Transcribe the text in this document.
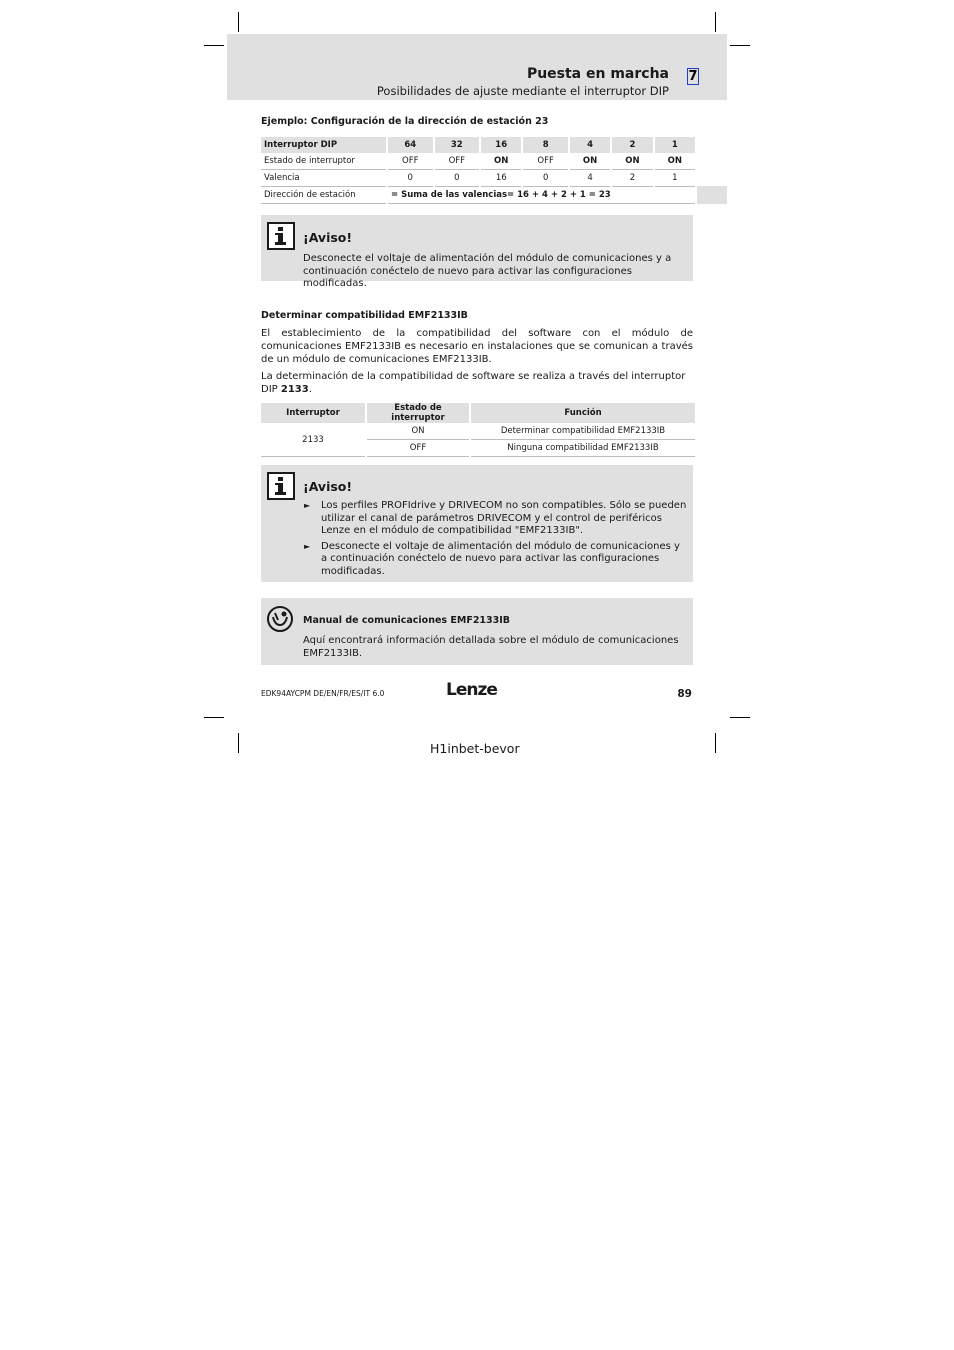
Puesta en marcha 7
Posibilidades de ajuste mediante el interruptor DIP
Ejemplo: Configuración de la dirección de estación 23
Interruptor DIP	64	32	16	8	4	2	1
Estado de interruptor	OFF	OFF	ON	OFF	ON	ON	ON
Valencia	0	0	16	0	4	2	1
Dirección de estación	= Suma de las valencias= 16 + 4 + 2 + 1 = 23						
¡Aviso!
Desconecte el voltaje de alimentación del módulo de comunicaciones y a continuación conéctelo de nuevo para activar las configuraciones modificadas.
Determinar compatibilidad EMF2133IB
El establecimiento de la compatibilidad del software con el módulo de comunicaciones EMF2133IB es necesario en instalaciones que se comunican a través de un módulo de comunicaciones EMF2133IB.
La determinación de la compatibilidad de software se realiza a través del interruptor DIP 2133.
Interruptor	Estado de interruptor	Función
2133	ON	Determinar compatibilidad EMF2133IB
	OFF	Ninguna compatibilidad EMF2133IB
¡Aviso!
► Los perfiles PROFIdrive y DRIVECOM no son compatibles. Sólo se pueden utilizar el canal de parámetros DRIVECOM y el control de periféricos Lenze en el módulo de compatibilidad "EMF2133IB".
► Desconecte el voltaje de alimentación del módulo de comunicaciones y a continuación conéctelo de nuevo para activar las configuraciones modificadas.
Manual de comunicaciones EMF2133IB
Aquí encontrará información detallada sobre el módulo de comunicaciones EMF2133IB.
EDK94AYCPM DE/EN/FR/ES/IT 6.0	Lenze	89
H1inbet-bevor
